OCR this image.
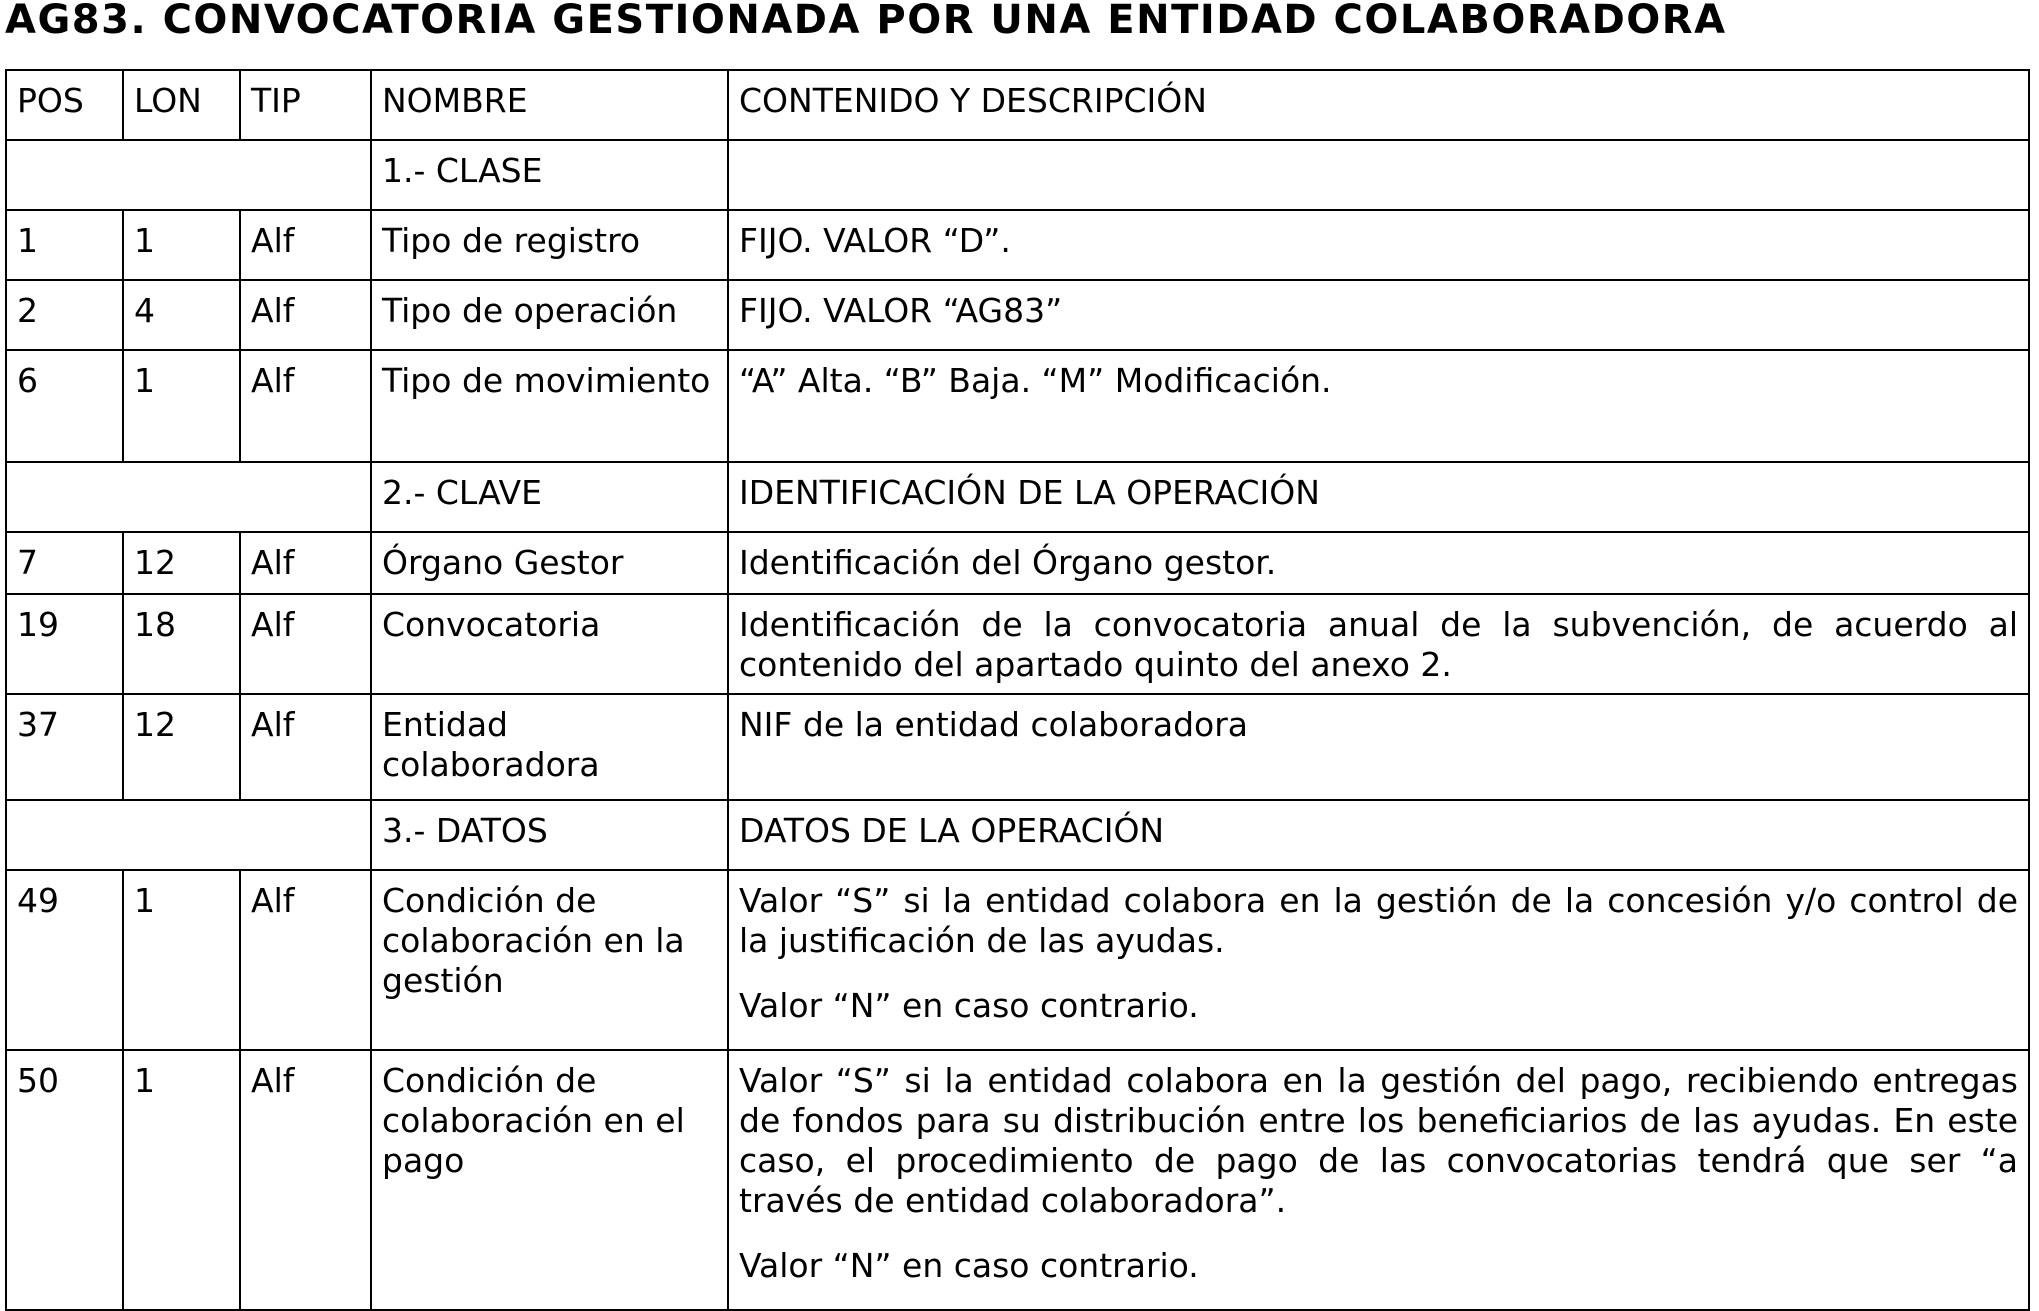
AG83. CONVOCATORIA GESTIONADA POR UNA ENTIDAD COLABORADORA
POS	LON	TIP	NOMBRE	CONTENIDO Y DESCRIPCIÓN
			1.- CLASE	
1	1	Alf	Tipo de registro	FIJO. VALOR “D”.
2	4	Alf	Tipo de operación	FIJO. VALOR “AG83”
6	1	Alf	Tipo de movimiento	“A” Alta. “B” Baja. “M” Modificación.
			2.- CLAVE	IDENTIFICACIÓN DE LA OPERACIÓN
7	12	Alf	Órgano Gestor	Identificación del Órgano gestor.
19	18	Alf	Convocatoria	Identificación de la convocatoria anual de la subvención, de acuerdo al contenido del apartado quinto del anexo 2.
37	12	Alf	Entidad colaboradora	NIF de la entidad colaboradora
			3.- DATOS	DATOS DE LA OPERACIÓN
49	1	Alf	Condición de colaboración en la gestión	Valor “S” si la entidad colabora en la gestión de la concesión y/o control de la justificación de las ayudas.

Valor “N” en caso contrario.

50	1	Alf	Condición de colaboración en el pago	Valor “S” si la entidad colabora en la gestión del pago, recibiendo entregas de fondos para su distribución entre los beneficiarios de las ayudas. En este caso, el procedimiento de pago de las convocatorias tendrá que ser “a través de entidad colaboradora”.

Valor “N” en caso contrario.
